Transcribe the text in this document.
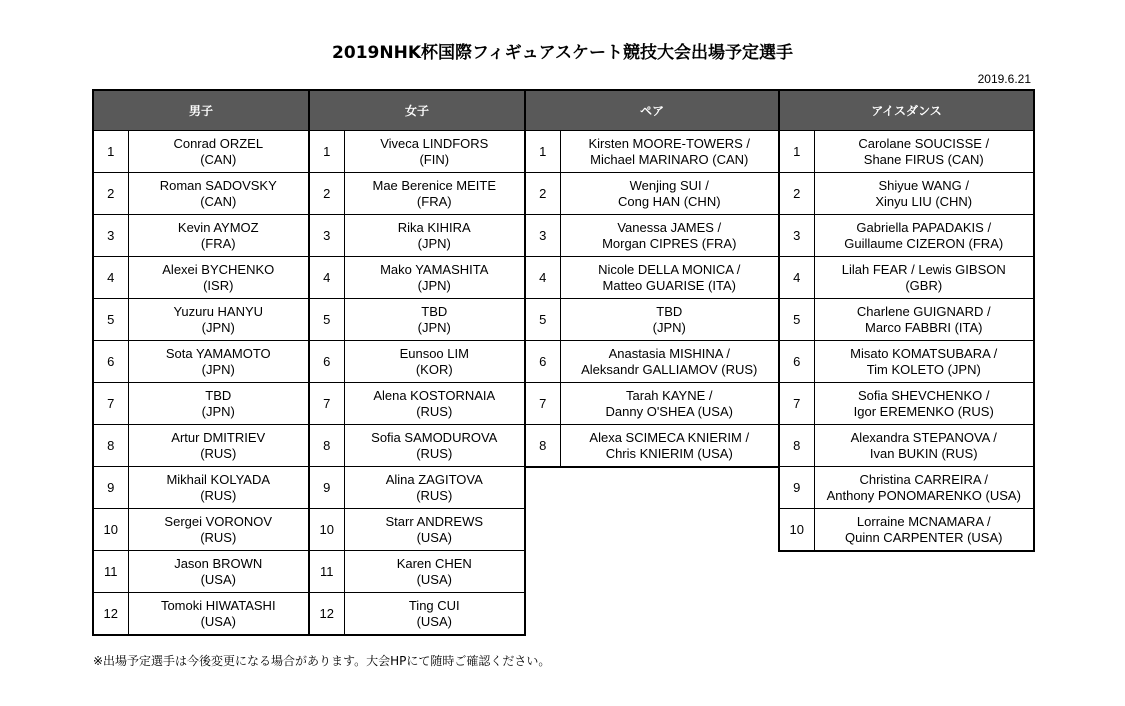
2019NHK杯国際フィギュアスケート競技大会出場予定選手
2019.6.21
男子	
1	Conrad ORZEL
(CAN)

2	Roman SADOVSKY
(CAN)

3	Kevin AYMOZ
(FRA)

4	Alexei BYCHENKO
(ISR)

5	Yuzuru HANYU
(JPN)

6	Sota YAMAMOTO
(JPN)

7	TBD
(JPN)

8	Artur DMITRIEV
(RUS)

9	Mikhail KOLYADA
(RUS)

10	Sergei VORONOV
(RUS)

11	Jason BROWN
(USA)

12	Tomoki HIWATASHI
(USA)
女子	
1	Viveca LINDFORS
(FIN)

2	Mae Berenice MEITE
(FRA)

3	Rika KIHIRA
(JPN)

4	Mako YAMASHITA
(JPN)

5	TBD
(JPN)

6	Eunsoo LIM
(KOR)

7	Alena KOSTORNAIA
(RUS)

8	Sofia SAMODUROVA
(RUS)

9	Alina ZAGITOVA
(RUS)

10	Starr ANDREWS
(USA)

11	Karen CHEN
(USA)

12	Ting CUI
(USA)
ペア	
1	Kirsten MOORE-TOWERS /
Michael MARINARO (CAN)

2	Wenjing SUI /
Cong HAN (CHN)

3	Vanessa JAMES /
Morgan CIPRES (FRA)

4	Nicole DELLA MONICA /
Matteo GUARISE (ITA)

5	TBD
(JPN)

6	Anastasia MISHINA /
Aleksandr GALLIAMOV (RUS)

7	Tarah KAYNE /
Danny O'SHEA (USA)

8	Alexa SCIMECA KNIERIM /
Chris KNIERIM (USA)
アイスダンス	
1	Carolane SOUCISSE /
Shane FIRUS (CAN)

2	Shiyue WANG /
Xinyu LIU (CHN)

3	Gabriella PAPADAKIS /
Guillaume CIZERON (FRA)

4	Lilah FEAR / Lewis GIBSON
(GBR)

5	Charlene GUIGNARD /
Marco FABBRI (ITA)

6	Misato KOMATSUBARA /
Tim KOLETO (JPN)

7	Sofia SHEVCHENKO /
Igor EREMENKO (RUS)

8	Alexandra STEPANOVA /
Ivan BUKIN (RUS)

9	Christina CARREIRA /
Anthony PONOMARENKO (USA)

10	Lorraine MCNAMARA /
Quinn CARPENTER (USA)
※出場予定選手は今後変更になる場合があります。大会HPにて随時ご確認ください。
